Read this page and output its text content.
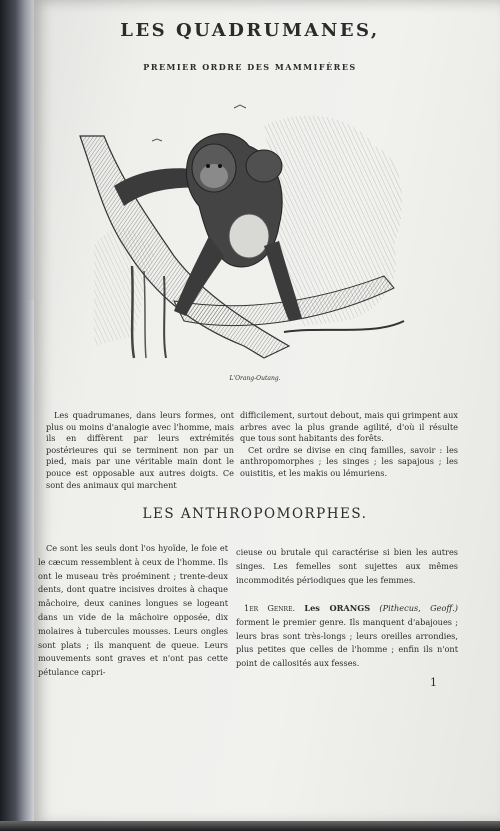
LES QUADRUMANES,
PREMIER ORDRE DES MAMMIFÈRES
L'Orang-Outang.
Les quadrumanes, dans leurs formes, ont plus ou moins d'analogie avec l'homme, mais ils en diffèrent par leurs extrémités postérieures qui se terminent non par un pied, mais par une véritable main dont le pouce est opposable aux autres doigts. Ce sont des animaux qui marchent
difficilement, surtout debout, mais qui grimpent aux arbres avec la plus grande agilité, d'où il résulte que tous sont habitants des forêts.
Cet ordre se divise en cinq familles, savoir : les anthropomorphes ; les singes ; les sapajous ; les ouistitis, et les makis ou lémuriens.
LES ANTHROPOMORPHES.
Ce sont les seuls dont l'os hyoïde, le foie et le cæcum ressemblent à ceux de l'homme. Ils ont le museau très proéminent ; trente-deux dents, dont quatre incisives droites à chaque mâchoire, deux canines longues se logeant dans un vide de la mâchoire opposée, dix molaires à tubercules mousses. Leurs ongles sont plats ; ils manquent de queue. Leurs mouvements sont graves et n'ont pas cette pétulance capri-
cieuse ou brutale qui caractérise si bien les autres singes. Les femelles sont sujettes aux mêmes incommodités périodiques que les femmes.
1er Genre. Les ORANGS (Pithecus, Geoff.) forment le premier genre. Ils manquent d'abajoues ; leurs bras sont très-longs ; leurs oreilles arrondies, plus petites que celles de l'homme ; enfin ils n'ont point de callosités aux fesses.
1
